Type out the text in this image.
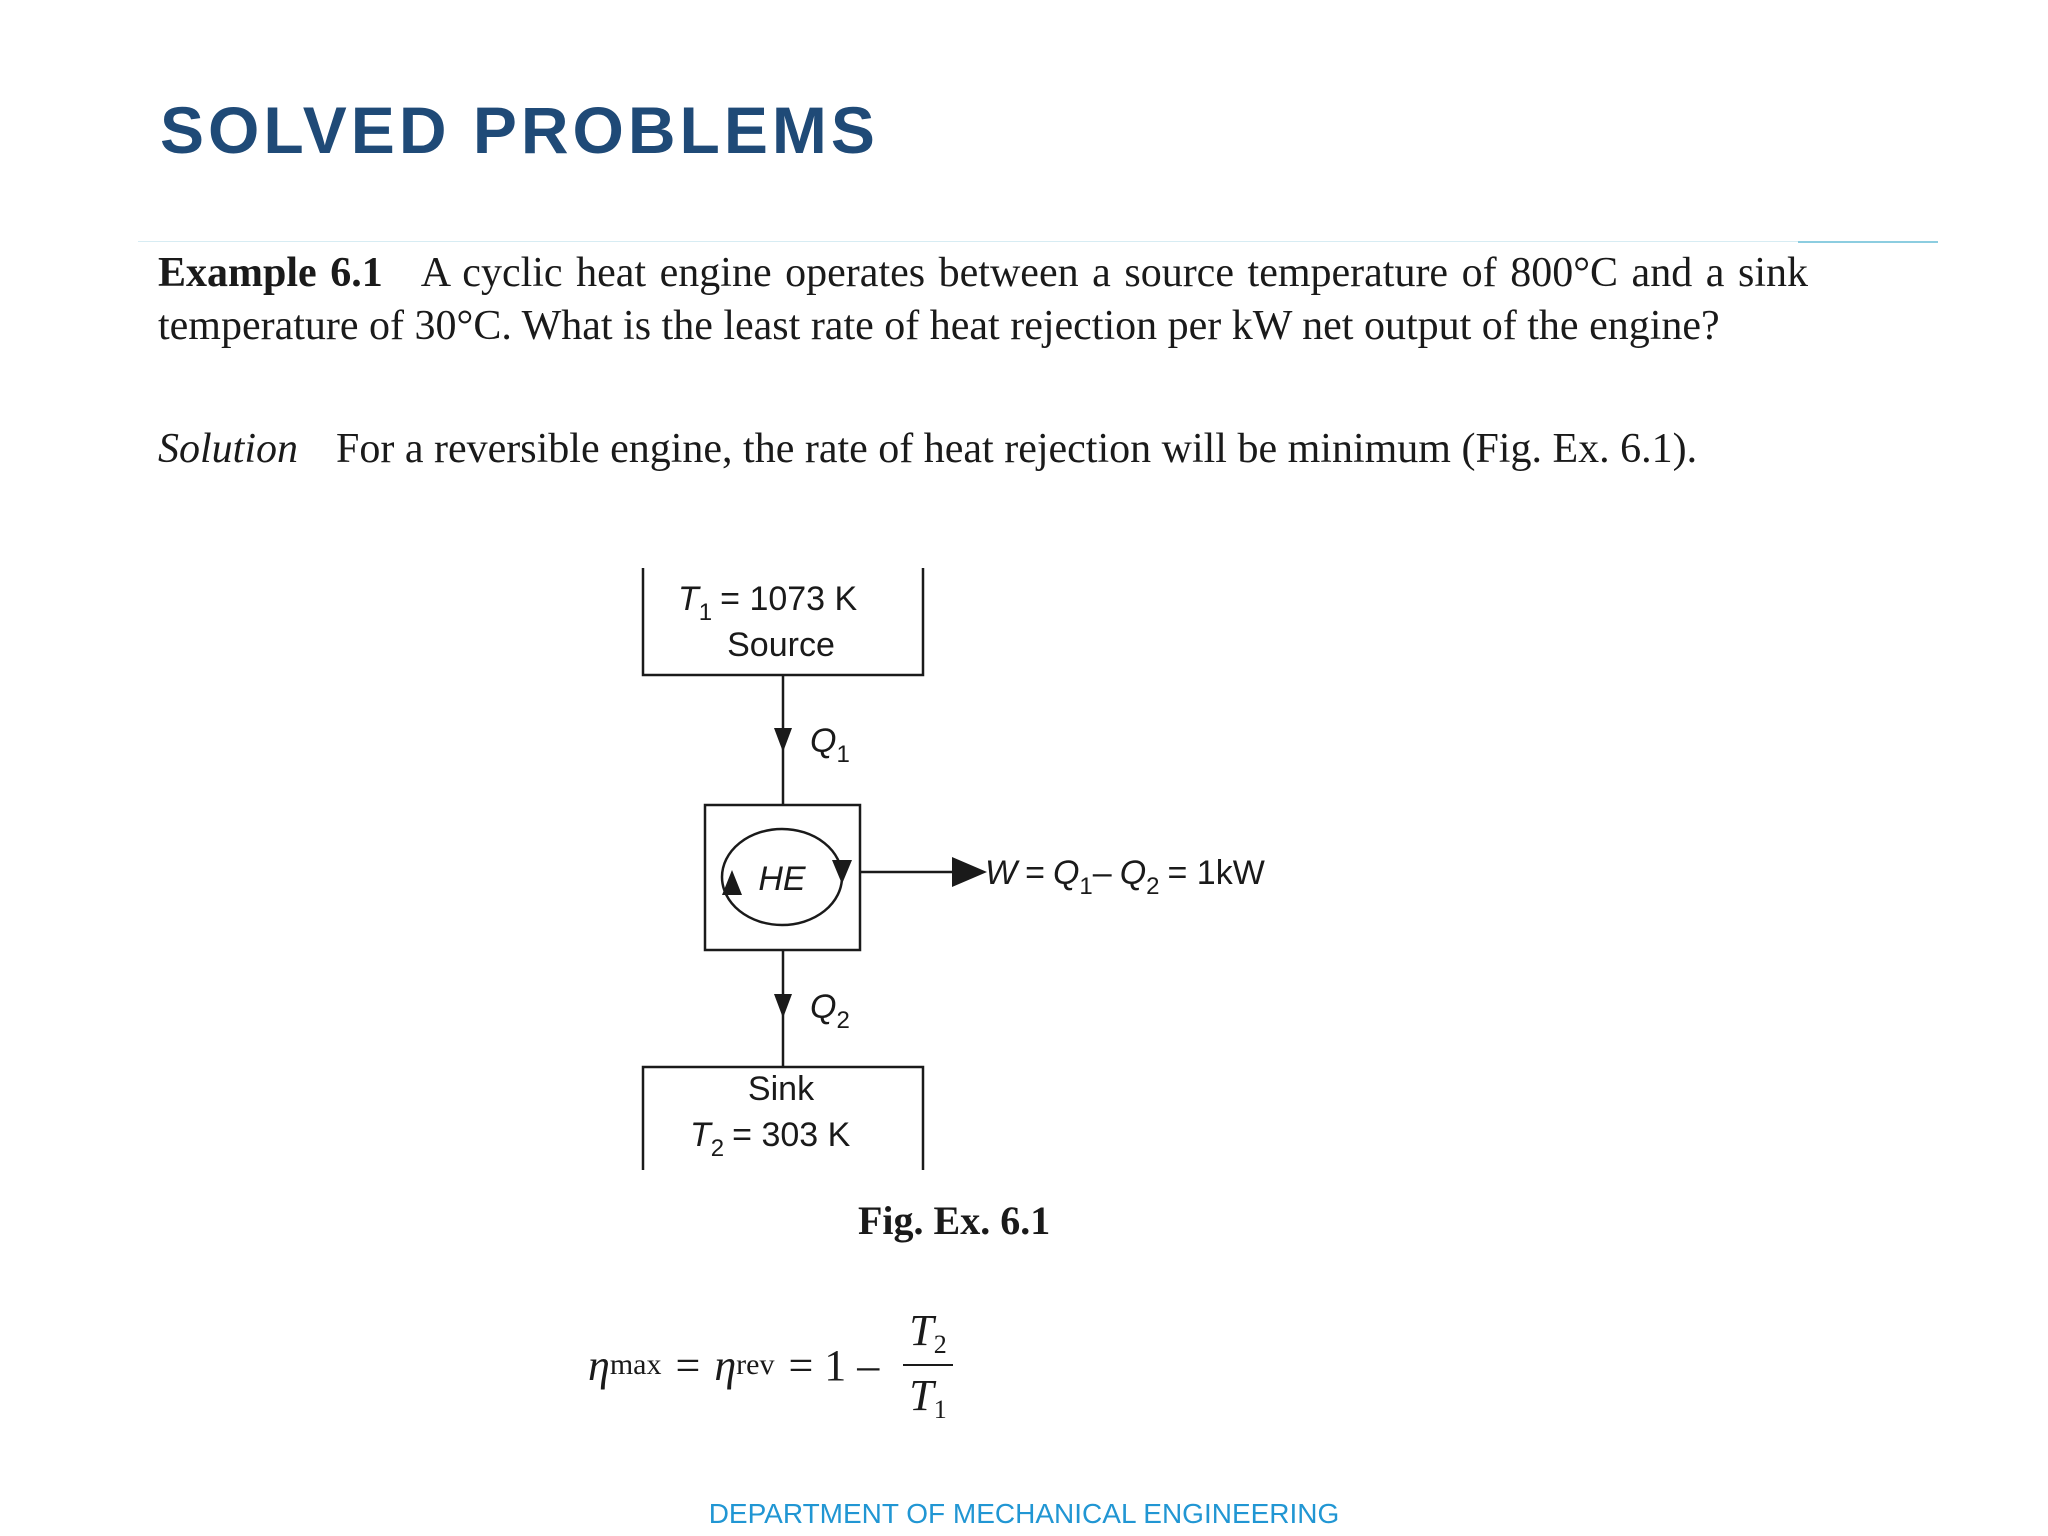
SOLVED PROBLEMS

Example 6.1 A cyclic heat engine operates between a source temperature of 800°C and a sink temperature of 30°C. What is the least rate of heat rejection per kW net output of the engine?

Solution For a reversible engine, the rate of heat rejection will be minimum (Fig. Ex. 6.1).

$T_1 = 1073$ K
Source
$Q_1$
HE	$W = Q_1-$ $Q_2 = 1kW$
$Q_2$
Sink
$T_2 = 303$ K

Fig. Ex. 6.1

η max = η rev = $1 - \frac{T2}{T1}$

DEPARTMENT OF MECHANICAL ENGINEERING
